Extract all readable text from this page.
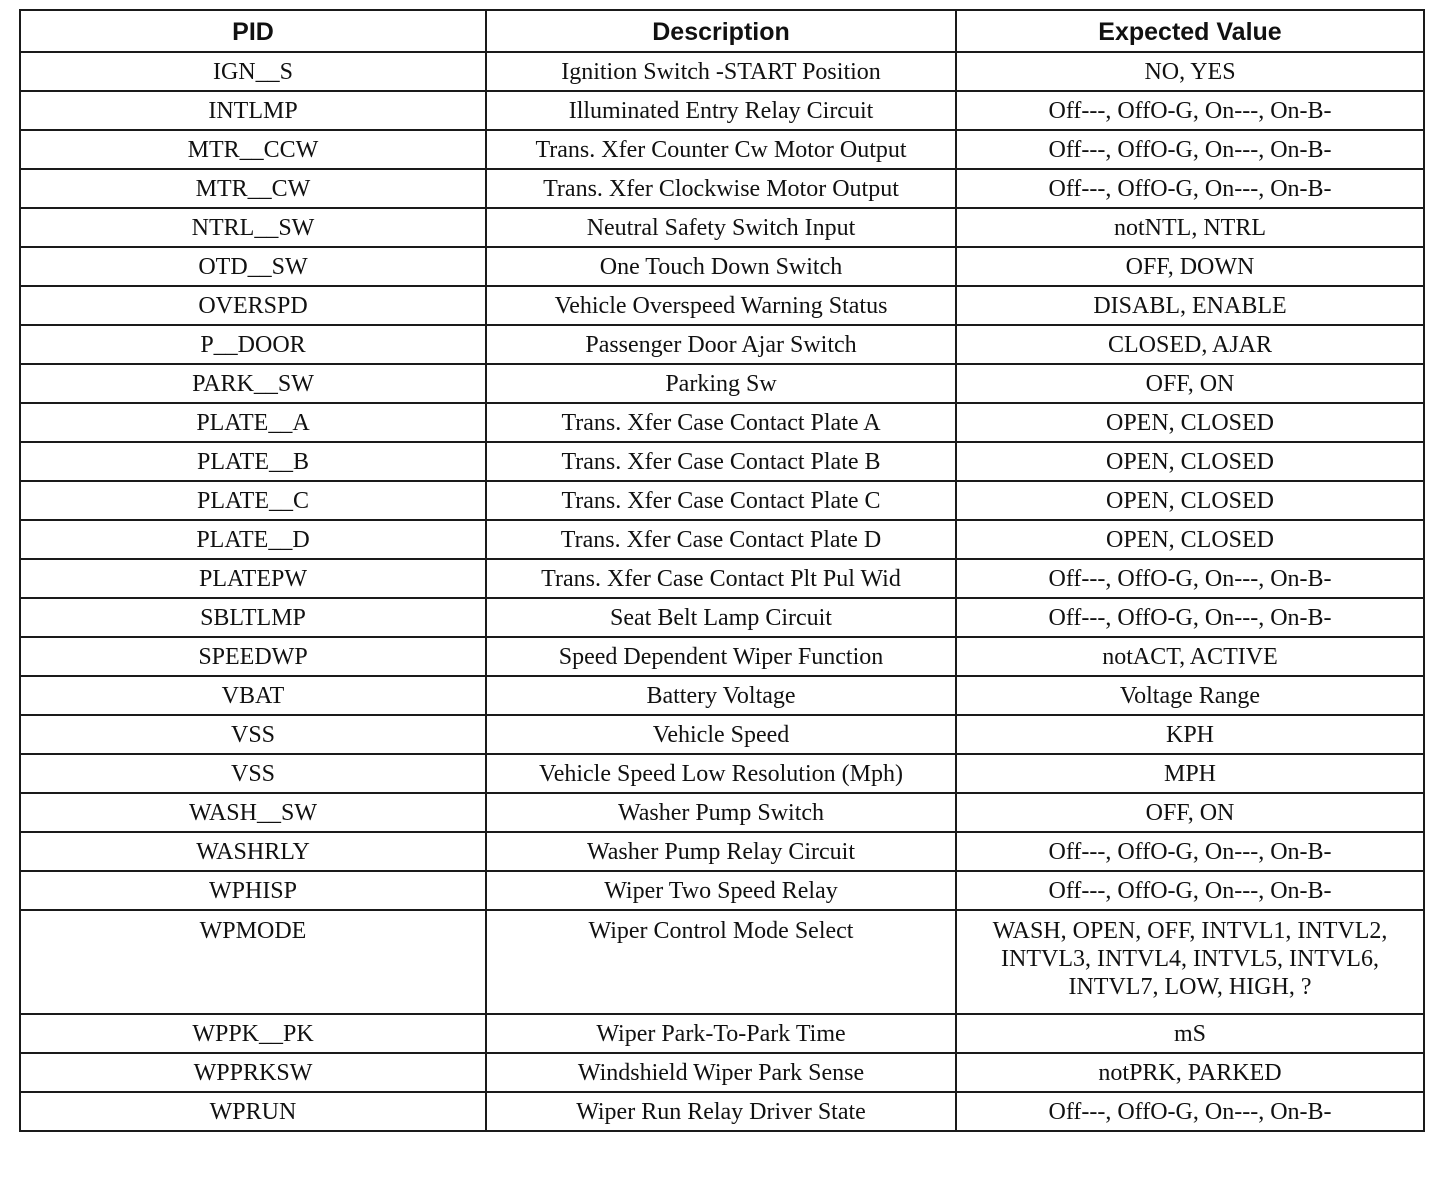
PID	Description	Expected Value
IGN__S	Ignition Switch -START Position	NO, YES
INTLMP	Illuminated Entry Relay Circuit	Off---, OffO-G, On---, On-B-
MTR__CCW	Trans. Xfer Counter Cw Motor Output	Off---, OffO-G, On---, On-B-
MTR__CW	Trans. Xfer Clockwise Motor Output	Off---, OffO-G, On---, On-B-
NTRL__SW	Neutral Safety Switch Input	notNTL, NTRL
OTD__SW	One Touch Down Switch	OFF, DOWN
OVERSPD	Vehicle Overspeed Warning Status	DISABL, ENABLE
P__DOOR	Passenger Door Ajar Switch	CLOSED, AJAR
PARK__SW	Parking Sw	OFF, ON
PLATE__A	Trans. Xfer Case Contact Plate A	OPEN, CLOSED
PLATE__B	Trans. Xfer Case Contact Plate B	OPEN, CLOSED
PLATE__C	Trans. Xfer Case Contact Plate C	OPEN, CLOSED
PLATE__D	Trans. Xfer Case Contact Plate D	OPEN, CLOSED
PLATEPW	Trans. Xfer Case Contact Plt Pul Wid	Off---, OffO-G, On---, On-B-
SBLTLMP	Seat Belt Lamp Circuit	Off---, OffO-G, On---, On-B-
SPEEDWP	Speed Dependent Wiper Function	notACT, ACTIVE
VBAT	Battery Voltage	Voltage Range
VSS	Vehicle Speed	KPH
VSS	Vehicle Speed Low Resolution (Mph)	MPH
WASH__SW	Washer Pump Switch	OFF, ON
WASHRLY	Washer Pump Relay Circuit	Off---, OffO-G, On---, On-B-
WPHISP	Wiper Two Speed Relay	Off---, OffO-G, On---, On-B-
WPMODE	Wiper Control Mode Select	WASH, OPEN, OFF, INTVL1, INTVL2, INTVL3, INTVL4, INTVL5, INTVL6, INTVL7, LOW, HIGH, ?
WPPK__PK	Wiper Park-To-Park Time	mS
WPPRKSW	Windshield Wiper Park Sense	notPRK, PARKED
WPRUN	Wiper Run Relay Driver State	Off---, OffO-G, On---, On-B-
